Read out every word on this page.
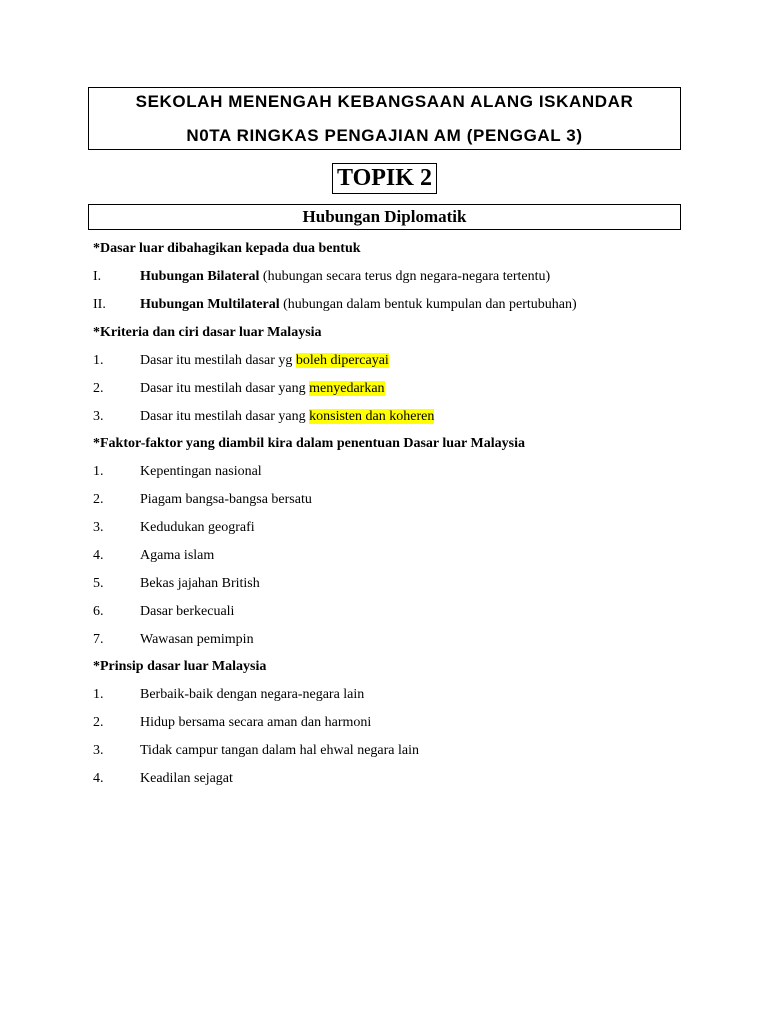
SEKOLAH MENENGAH KEBANGSAAN ALANG ISKANDAR
N0TA RINGKAS PENGAJIAN AM (PENGGAL 3)
TOPIK 2
Hubungan Diplomatik
*Dasar luar dibahagikan kepada dua bentuk
I.	Hubungan Bilateral (hubungan secara terus dgn negara-negara tertentu)
II. Hubungan Multilateral (hubungan dalam bentuk kumpulan dan pertubuhan)
*Kriteria dan ciri dasar luar Malaysia
1.	Dasar itu mestilah dasar yg boleh dipercayai
2.	Dasar itu mestilah dasar yang menyedarkan
3.	Dasar itu mestilah dasar yang konsisten dan koheren
*Faktor-faktor yang diambil kira dalam penentuan Dasar luar Malaysia
1.	Kepentingan nasional
2.	Piagam bangsa-bangsa bersatu
3.	Kedudukan geografi
4.	Agama islam
5.	Bekas jajahan British
6.	Dasar berkecuali
7.	Wawasan pemimpin
*Prinsip dasar luar Malaysia
1.	Berbaik-baik dengan negara-negara lain
2.	Hidup bersama secara aman dan harmoni
3.	Tidak campur tangan dalam hal ehwal negara lain
4.	Keadilan sejagat
